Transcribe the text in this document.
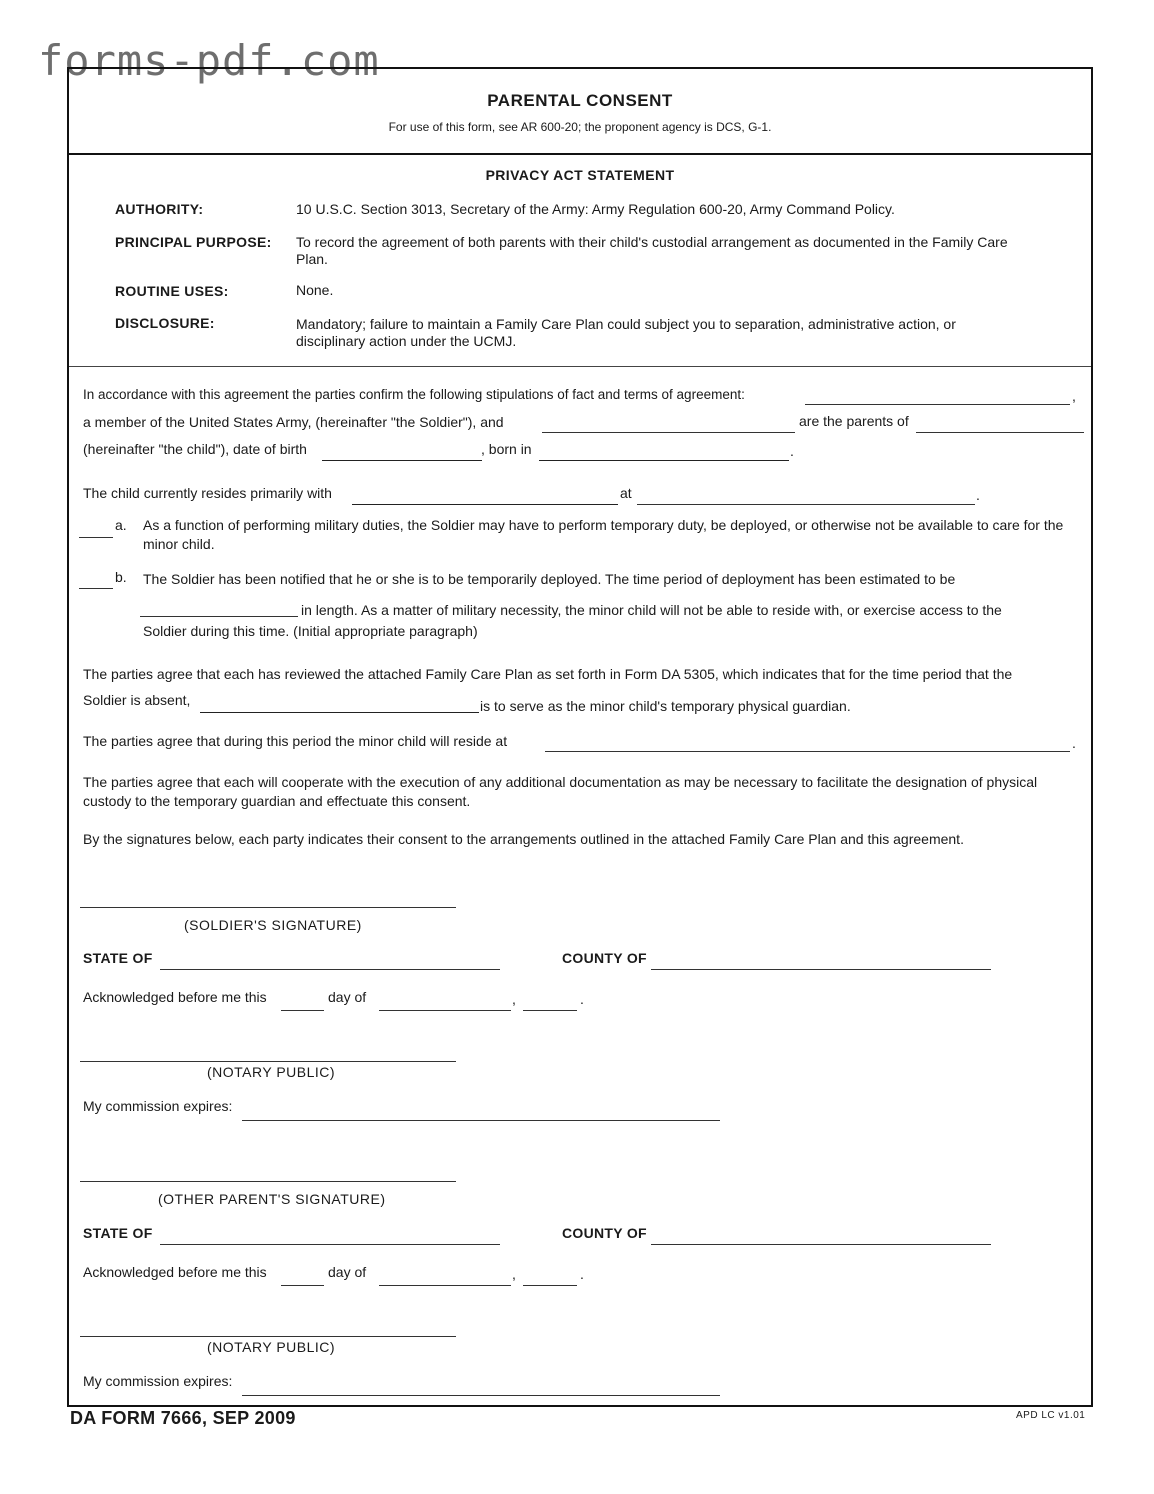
forms-pdf.com
PARENTAL CONSENT
For use of this form, see AR 600-20; the proponent agency is DCS, G-1.
PRIVACY ACT STATEMENT
AUTHORITY:	10 U.S.C. Section 3013, Secretary of the Army: Army Regulation 600-20, Army Command Policy.
PRINCIPAL PURPOSE: To record the agreement of both parents with their child's custodial arrangement as documented in the Family Care Plan.
ROUTINE USES:	None.
DISCLOSURE:	Mandatory; failure to maintain a Family Care Plan could subject you to separation, administrative action, or disciplinary action under the UCMJ.
In accordance with this agreement the parties confirm the following stipulations of fact and terms of agreement:	,
a member of the United States Army, (hereinafter "the Soldier"), and	are the parents of
(hereinafter "the child"), date of birth	, born in	.
The child currently resides primarily with	at	.
a. As a function of performing military duties, the Soldier may have to perform temporary duty, be deployed, or otherwise not be available to care for the minor child.
b. The Soldier has been notified that he or she is to be temporarily deployed. The time period of deployment has been estimated to be
in length. As a matter of military necessity, the minor child will not be able to reside with, or exercise access to the
Soldier during this time. (Initial appropriate paragraph)
The parties agree that each has reviewed the attached Family Care Plan as set forth in Form DA 5305, which indicates that for the time period that the
Soldier is absent,	is to serve as the minor child's temporary physical guardian.
The parties agree that during this period the minor child will reside at	.
The parties agree that each will cooperate with the execution of any additional documentation as may be necessary to facilitate the designation of physical custody to the temporary guardian and effectuate this consent.
By the signatures below, each party indicates their consent to the arrangements outlined in the attached Family Care Plan and this agreement.
(SOLDIER'S SIGNATURE)
STATE OF	COUNTY OF
Acknowledged before me this	day of	,	.
(NOTARY PUBLIC)
My commission expires:
(OTHER PARENT'S SIGNATURE)
STATE OF	COUNTY OF
Acknowledged before me this	day of	,	.
(NOTARY PUBLIC)
My commission expires:
DA FORM 7666, SEP 2009	APD LC v1.01
